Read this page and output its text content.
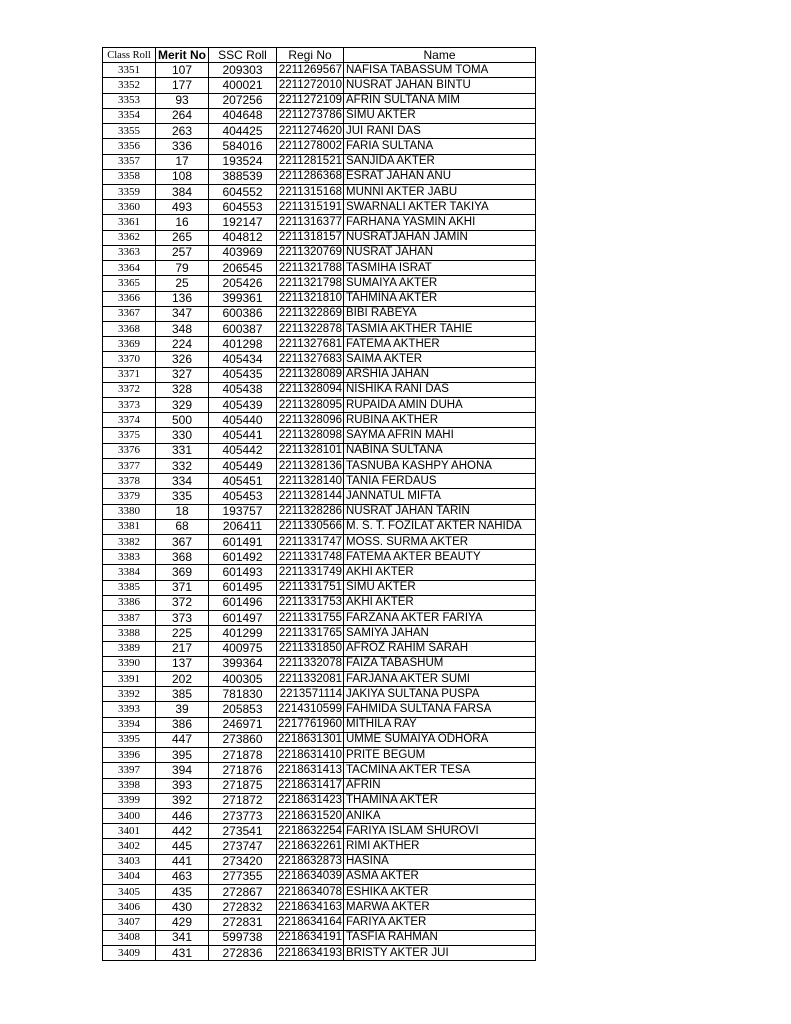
Class Roll	Merit No	SSC Roll	Regi No	Name
3351	107	209303	2211269567	NAFISA TABASSUM TOMA
3352	177	400021	2211272010	NUSRAT JAHAN BINTU
3353	93	207256	2211272109	AFRIN SULTANA MIM
3354	264	404648	2211273786	SIMU AKTER
3355	263	404425	2211274620	JUI RANI DAS
3356	336	584016	2211278002	FARIA SULTANA
3357	17	193524	2211281521	SANJIDA AKTER
3358	108	388539	2211286368	ESRAT JAHAN ANU
3359	384	604552	2211315168	MUNNI AKTER JABU
3360	493	604553	2211315191	SWARNALI AKTER TAKIYA
3361	16	192147	2211316377	FARHANA YASMIN AKHI
3362	265	404812	2211318157	NUSRATJAHAN JAMIN
3363	257	403969	2211320769	NUSRAT JAHAN
3364	79	206545	2211321788	TASMIHA ISRAT
3365	25	205426	2211321798	SUMAIYA AKTER
3366	136	399361	2211321810	TAHMINA AKTER
3367	347	600386	2211322869	BIBI RABEYA
3368	348	600387	2211322878	TASMIA AKTHER TAHIE
3369	224	401298	2211327681	FATEMA AKTHER
3370	326	405434	2211327683	SAIMA AKTER
3371	327	405435	2211328089	ARSHIA JAHAN
3372	328	405438	2211328094	NISHIKA RANI DAS
3373	329	405439	2211328095	RUPAIDA AMIN DUHA
3374	500	405440	2211328096	RUBINA AKTHER
3375	330	405441	2211328098	SAYMA AFRIN MAHI
3376	331	405442	2211328101	NABINA SULTANA
3377	332	405449	2211328136	TASNUBA KASHPY AHONA
3378	334	405451	2211328140	TANIA FERDAUS
3379	335	405453	2211328144	JANNATUL MIFTA
3380	18	193757	2211328286	NUSRAT JAHAN TARIN
3381	68	206411	2211330566	M. S. T. FOZILAT AKTER NAHIDA
3382	367	601491	2211331747	MOSS. SURMA AKTER
3383	368	601492	2211331748	FATEMA AKTER BEAUTY
3384	369	601493	2211331749	AKHI AKTER
3385	371	601495	2211331751	SIMU AKTER
3386	372	601496	2211331753	AKHI AKTER
3387	373	601497	2211331755	FARZANA AKTER FARIYA
3388	225	401299	2211331765	SAMIYA JAHAN
3389	217	400975	2211331850	AFROZ RAHIM SARAH
3390	137	399364	2211332078	FAIZA TABASHUM
3391	202	400305	2211332081	FARJANA AKTER SUMI
3392	385	781830	2213571114	JAKIYA SULTANA PUSPA
3393	39	205853	2214310599	FAHMIDA SULTANA FARSA
3394	386	246971	2217761960	MITHILA RAY
3395	447	273860	2218631301	UMME SUMAIYA ODHORA
3396	395	271878	2218631410	PRITE BEGUM
3397	394	271876	2218631413	TACMINA AKTER TESA
3398	393	271875	2218631417	AFRIN
3399	392	271872	2218631423	THAMINA AKTER
3400	446	273773	2218631520	ANIKA
3401	442	273541	2218632254	FARIYA ISLAM SHUROVI
3402	445	273747	2218632261	RIMI AKTHER
3403	441	273420	2218632873	HASINA
3404	463	277355	2218634039	ASMA AKTER
3405	435	272867	2218634078	ESHIKA AKTER
3406	430	272832	2218634163	MARWA AKTER
3407	429	272831	2218634164	FARIYA AKTER
3408	341	599738	2218634191	TASFIA RAHMAN
3409	431	272836	2218634193	BRISTY AKTER JUI
